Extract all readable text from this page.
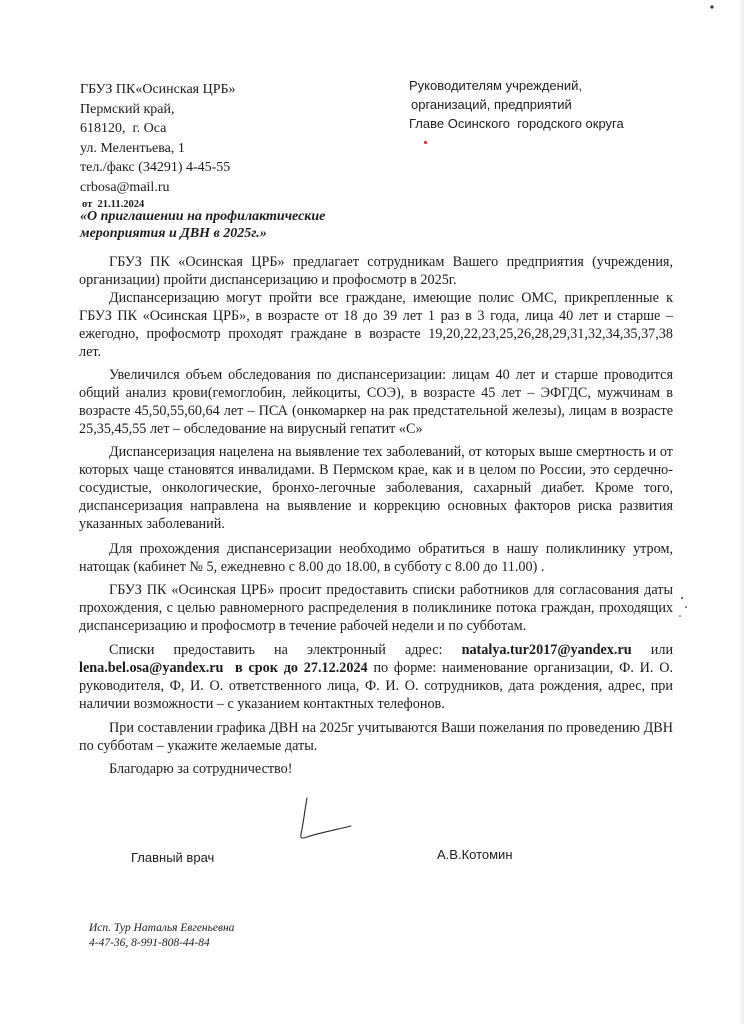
ГБУЗ ПК«Осинская ЦРБ»
Пермский край,
618120,  г. Оса
ул. Мелентьева, 1
тел./факс (34291) 4-45-55
crbosa@mail.ru
от 21.11.2024
Руководителям учреждений,
организаций, предприятий
Главе Осинского  городского округа
«О приглашении на профилактические
мероприятия и ДВН в 2025г.»

ГБУЗ ПК «Осинская ЦРБ» предлагает сотрудникам Вашего предприятия (учреждения, организации) пройти диспансеризацию и профосмотр в 2025г.

Диспансеризацию могут пройти все граждане, имеющие полис ОМС, прикрепленные к ГБУЗ ПК «Осинская ЦРБ», в возрасте от 18 до 39 лет 1 раз в 3 года, лица 40 лет и старше – ежегодно, профосмотр проходят граждане в возрасте 19,20,22,23,25,26,28,29,31,32,34,35,37,38 лет.

Увеличился объем обследования по диспансеризации: лицам 40 лет и старше проводится общий анализ крови(гемоглобин, лейкоциты, СОЭ), в возрасте 45 лет – ЭФГДС, мужчинам в возрасте 45,50,55,60,64 лет – ПСА (онкомаркер на рак предстательной железы), лицам в возрасте 25,35,45,55 лет – обследование на вирусный гепатит «С»

Диспансеризация нацелена на выявление тех заболеваний, от которых выше смертность и от которых чаще становятся инвалидами. В Пермском крае, как и в целом по России, это сердечно-сосудистые, онкологические, бронхо-легочные заболевания, сахарный диабет. Кроме того, диспансеризация направлена на выявление и коррекцию основных факторов риска развития указанных заболеваний.

Для прохождения диспансеризации необходимо обратиться в нашу поликлинику утром, натощак (кабинет № 5, ежедневно с 8.00 до 18.00, в субботу с 8.00 до 11.00) .

ГБУЗ ПК «Осинская ЦРБ» просит предоставить списки работников для согласования даты прохождения, с целью равномерного распределения в поликлинике потока граждан, проходящих диспансеризацию и профосмотр в течение рабочей недели и по субботам.

Списки предоставить на электронный адрес: natalya.tur2017@yandex.ru или lena.bel.osa@yandex.ru в срок до 27.12.2024 по форме: наименование организации, Ф. И. О. руководителя, Ф, И. О. ответственного лица, Ф. И. О. сотрудников, дата рождения, адрес, при наличии возможности – с указанием контактных телефонов.

При составлении графика ДВН на 2025г учитываются Ваши пожелания по проведению ДВН по субботам – укажите желаемые даты.

Благодарю за сотрудничество!

Главный врач	А.В.Котомин
Исп. Тур Наталья Евгеньевна
4-47-36, 8-991-808-44-84
